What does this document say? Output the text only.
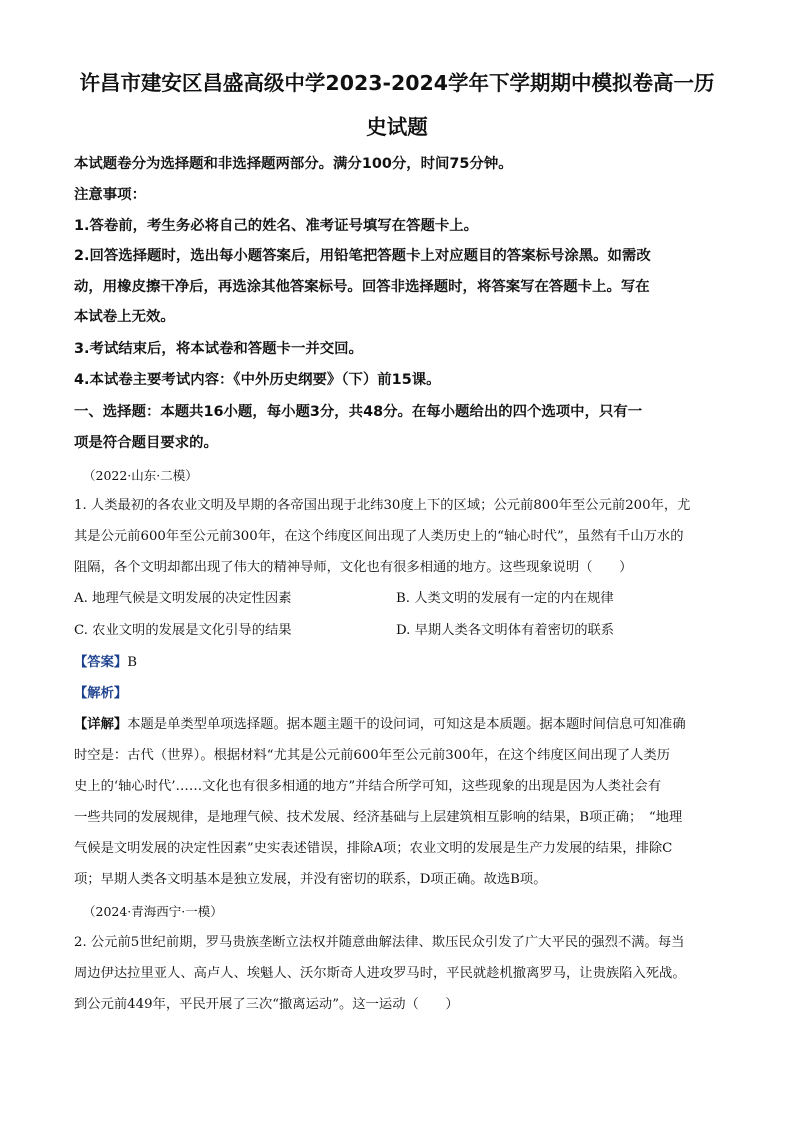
许昌市建安区昌盛高级中学2023-2024学年下学期期中模拟卷高一历
史试题
本试题卷分为选择题和非选择题两部分。满分100分，时间75分钟。
注意事项：
1.答卷前，考生务必将自己的姓名、准考证号填写在答题卡上。
2.回答选择题时，选出每小题答案后，用铅笔把答题卡上对应题目的答案标号涂黑。如需改
动，用橡皮擦干净后，再选涂其他答案标号。回答非选择题时，将答案写在答题卡上。写在
本试卷上无效。
3.考试结束后，将本试卷和答题卡一并交回。
4.本试卷主要考试内容：《中外历史纲要》（下）前15课。
一、选择题：本题共16小题，每小题3分，共48分。在每小题给出的四个选项中，只有一
项是符合题目要求的。
（2022·山东·二模）
1. 人类最初的各农业文明及早期的各帝国出现于北纬30度上下的区域；公元前800年至公元前200年，尤
其是公元前600年至公元前300年，在这个纬度区间出现了人类历史上的“轴心时代”，虽然有千山万水的
阻隔，各个文明却都出现了伟大的精神导师，文化也有很多相通的地方。这些现象说明（　　）
A. 地理气候是文明发展的决定性因素	B. 人类文明的发展有一定的内在规律
C. 农业文明的发展是文化引导的结果	D. 早期人类各文明体有着密切的联系
【答案】B
【解析】
【详解】本题是单类型单项选择题。据本题主题干的设问词，可知这是本质题。据本题时间信息可知准确
时空是：古代（世界）。根据材料“尤其是公元前600年至公元前300年，在这个纬度区间出现了人类历
史上的‘轴心时代’……文化也有很多相通的地方”并结合所学可知，这些现象的出现是因为人类社会有
一些共同的发展规律，是地理气候、技术发展、经济基础与上层建筑相互影响的结果，B项正确；　“地理
气候是文明发展的决定性因素”史实表述错误，排除A项；农业文明的发展是生产力发展的结果，排除C
项；早期人类各文明基本是独立发展，并没有密切的联系，D项正确。故选B项。
（2024·青海西宁·一模）
2. 公元前5世纪前期，罗马贵族垄断立法权并随意曲解法律、欺压民众引发了广大平民的强烈不满。每当
周边伊达拉里亚人、高卢人、埃魁人、沃尔斯奇人进攻罗马时，平民就趁机撤离罗马，让贵族陷入死战。
到公元前449年，平民开展了三次“撤离运动”。这一运动（　　）
